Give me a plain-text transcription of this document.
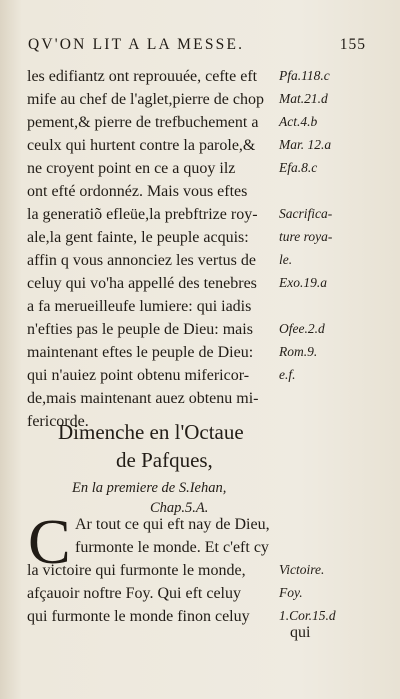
QV'ON LIT A LA MESSE.	155
les edifiantz ont reprouuée, cefte eft Pfa.118.c
mife au chef de l'aglet,pierre de chop Mat.21.d
pement,& pierre de trefbuchement a Act.4.b
ceulx qui hurtent contre la parole,& Mar. 12.a
ne croyent point en ce a quoy ilz	Efa.8.c
ont efté ordonnéz. Mais vous eftes
la generatiõ efleüe,la prebftrize roy- Sacrifica-
ale,la gent fainte, le peuple acquis: ture roya-
affin q vous annonciez les vertus de le.
celuy qui vo'ha appellé des tenebres Exo.19.a
a fa merueilleufe lumiere: qui iadis
n'efties pas le peuple de Dieu: mais Ofee.2.d
maintenant eftes le peuple de Dieu: Rom.9.
qui n'auiez point obtenu mifericor- e.f.
de,mais maintenant auez obtenu mi-
fericorde.
Dimenche en l'Octaue
de Pafques,
En la premiere de S.Iehan,
Chap.5.A.
C Ar tout ce qui eft nay de Dieu,
furmonte le monde. Et c'eft cy
la victoire qui furmonte le monde, Victoire.
afçauoir noftre Foy. Qui eft celuy	Foy.
qui furmonte le monde finon celuy 1.Cor.15.d
qui
